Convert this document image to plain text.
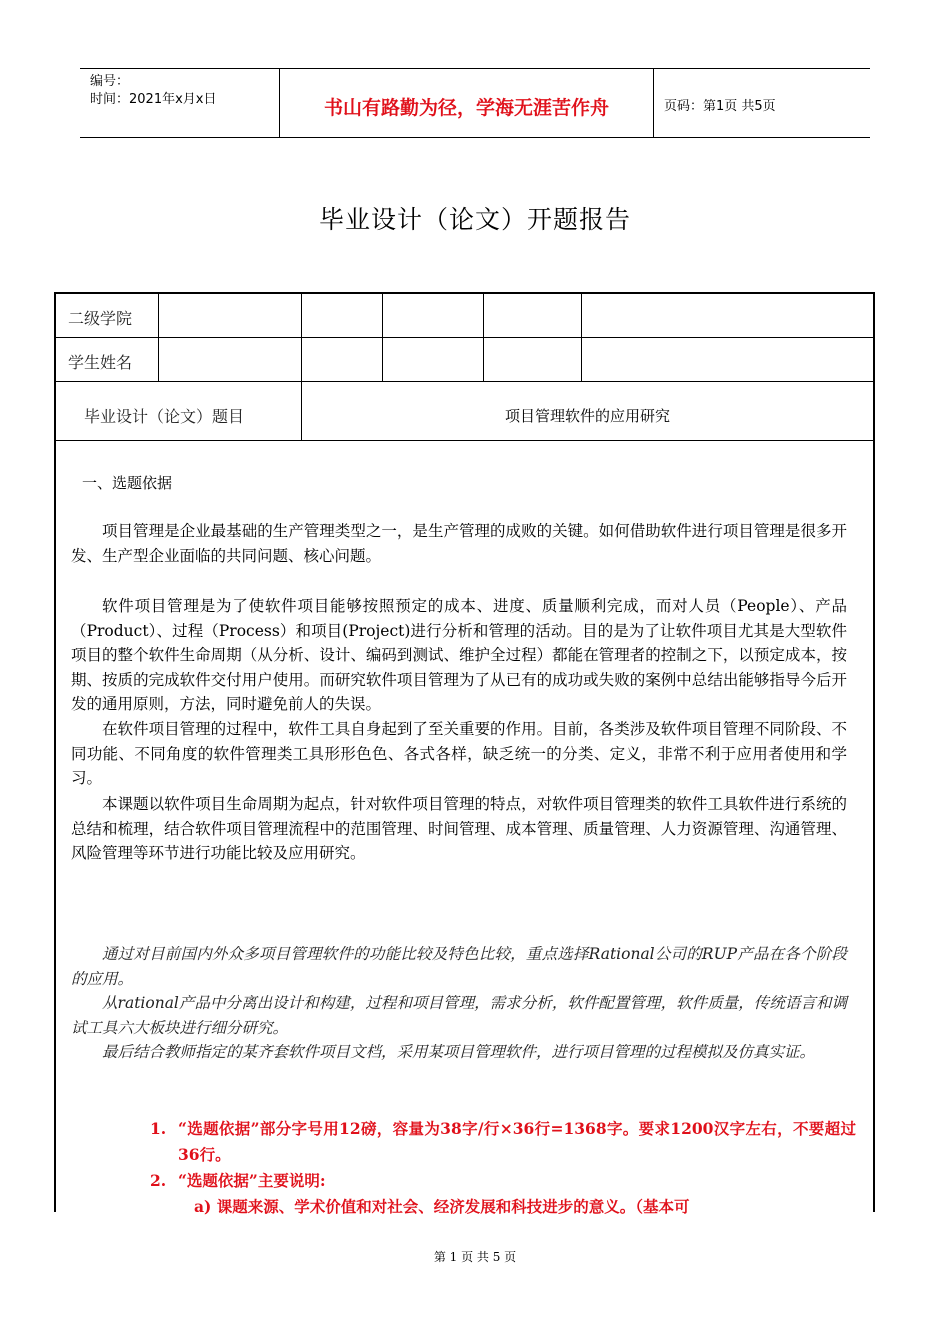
编号：
时间：2021年x月x日	书山有路勤为径，学海无涯苦作舟	页码：第1页 共5页
毕业设计（论文）开题报告
二级学院
学生姓名
毕业设计（论文）题目	项目管理软件的应用研究
一、选题依据

项目管理是企业最基础的生产管理类型之一，是生产管理的成败的关键。如何借助软件进行项目管理是很多开发、生产型企业面临的共同问题、核心问题。

软件项目管理是为了使软件项目能够按照预定的成本、进度、质量顺利完成，而对人员（People）、产品（Product）、过程（Process）和项目(Project)进行分析和管理的活动。目的是为了让软件项目尤其是大型软件项目的整个软件生命周期（从分析、设计、编码到测试、维护全过程）都能在管理者的控制之下，以预定成本，按期、按质的完成软件交付用户使用。而研究软件项目管理为了从已有的成功或失败的案例中总结出能够指导今后开发的通用原则，方法，同时避免前人的失误。

在软件项目管理的过程中，软件工具自身起到了至关重要的作用。目前，各类涉及软件项目管理不同阶段、不同功能、不同角度的软件管理类工具形形色色、各式各样，缺乏统一的分类、定义，非常不利于应用者使用和学习。

本课题以软件项目生命周期为起点，针对软件项目管理的特点，对软件项目管理类的软件工具软件进行系统的总结和梳理，结合软件项目管理流程中的范围管理、时间管理、成本管理、质量管理、人力资源管理、沟通管理、风险管理等环节进行功能比较及应用研究。

通过对目前国内外众多项目管理软件的功能比较及特色比较，重点选择Rational公司的RUP产品在各个阶段的应用。

从rational产品中分离出设计和构建，过程和项目管理，需求分析，软件配置管理，软件质量，传统语言和调试工具六大板块进行细分研究。

最后结合教师指定的某齐套软件项目文档，采用某项目管理软件，进行项目管理的过程模拟及仿真实证。

1. “选题依据”部分字号用12磅，容量为38字/行×36行=1368字。要求1200汉字左右，不要超过36行。

2. “选题依据”主要说明:

a) 课题来源、学术价值和对社会、经济发展和科技进步的意义。（基本可

第 1 页 共 5 页
